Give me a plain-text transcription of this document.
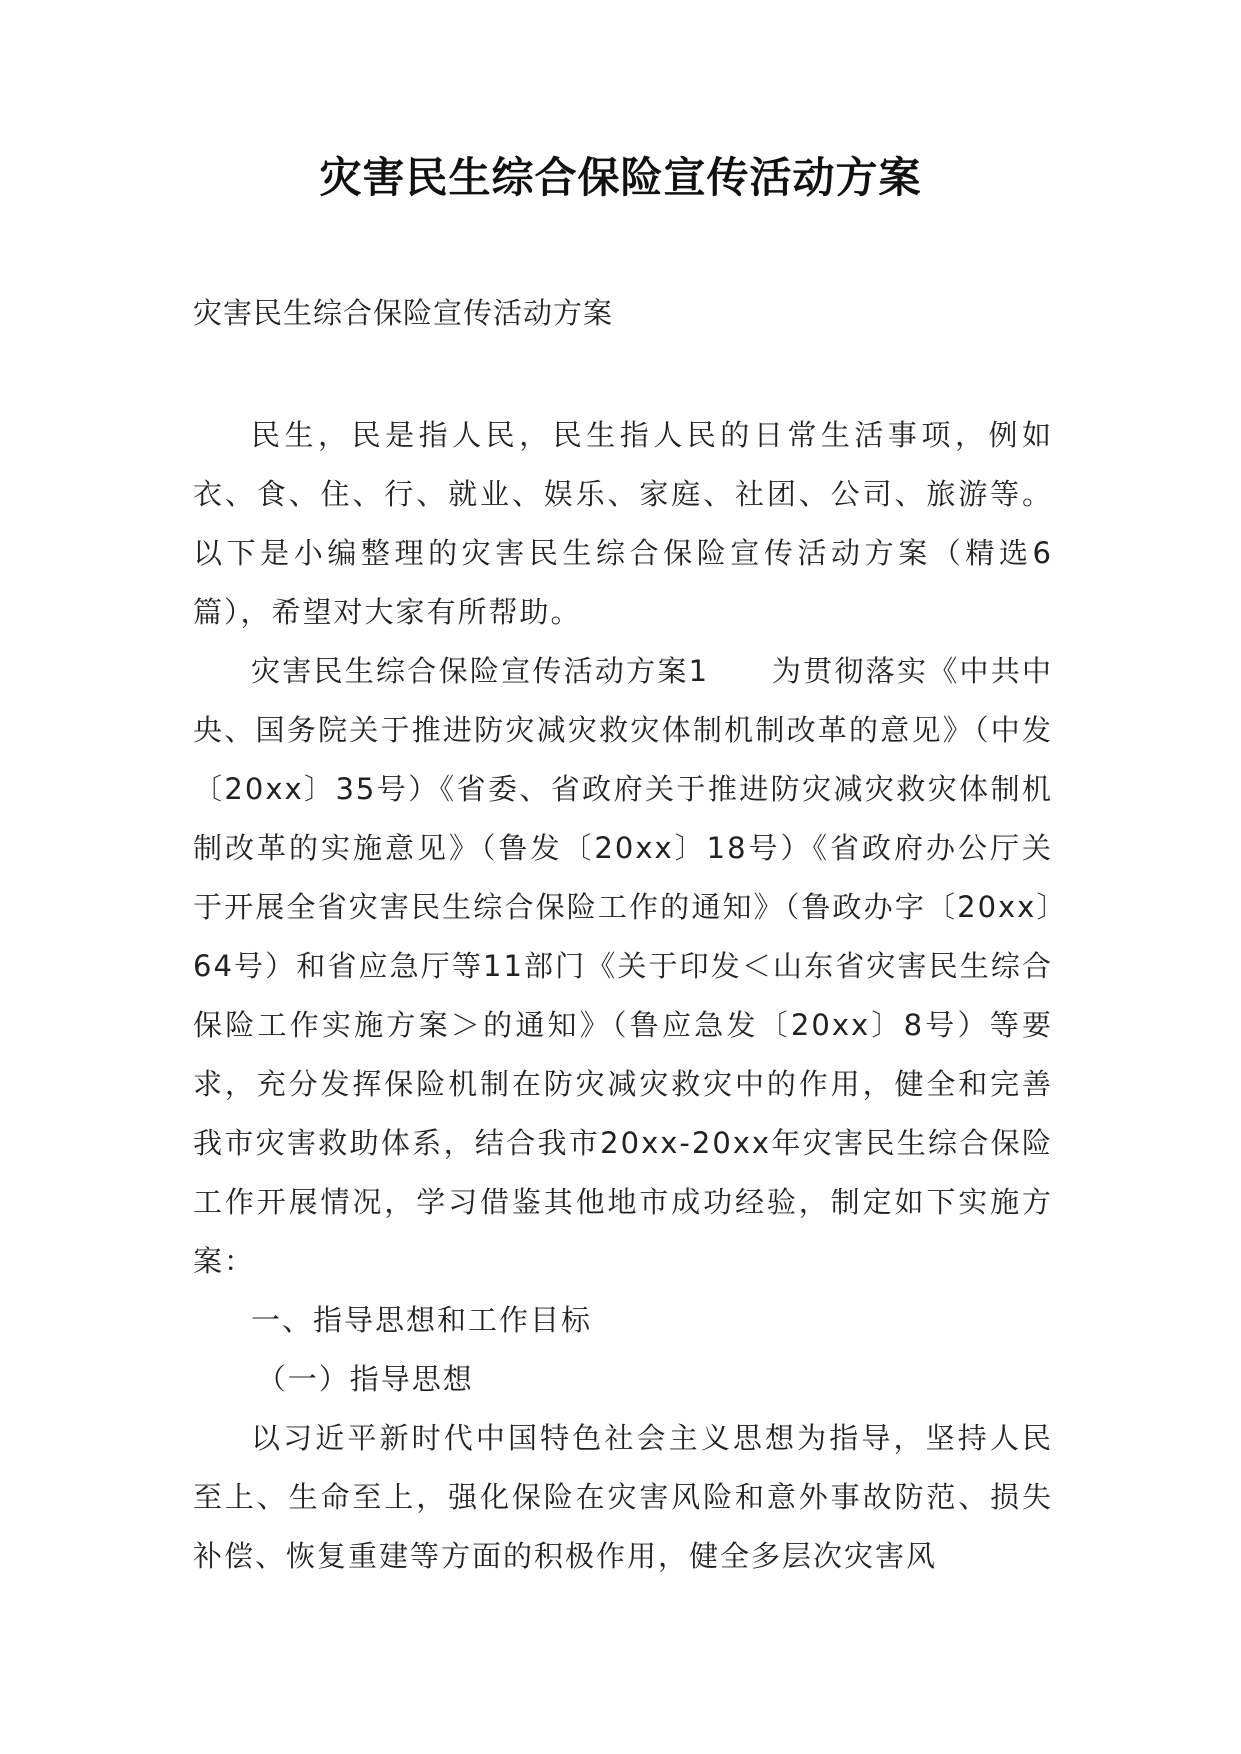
灾害民生综合保险宣传活动方案

灾害民生综合保险宣传活动方案

民生，民是指人民，民生指人民的日常生活事项，例如衣、食、住、行、就业、娱乐、家庭、社团、公司、旅游等。以下是小编整理的灾害民生综合保险宣传活动方案（精选6篇），希望对大家有所帮助。

灾害民生综合保险宣传活动方案1　　为贯彻落实《中共中央、国务院关于推进防灾减灾救灾体制机制改革的意见》（中发〔20xx〕35号）《省委、省政府关于推进防灾减灾救灾体制机制改革的实施意见》（鲁发〔20xx〕18号）《省政府办公厅关于开展全省灾害民生综合保险工作的通知》（鲁政办字〔20xx〕64号）和省应急厅等11部门《关于印发＜山东省灾害民生综合保险工作实施方案＞的通知》（鲁应急发〔20xx〕8号）等要求，充分发挥保险机制在防灾减灾救灾中的作用，健全和完善我市灾害救助体系，结合我市20xx-20xx年灾害民生综合保险工作开展情况，学习借鉴其他地市成功经验，制定如下实施方案：

一、指导思想和工作目标

（一）指导思想

以习近平新时代中国特色社会主义思想为指导，坚持人民至上、生命至上，强化保险在灾害风险和意外事故防范、损失补偿、恢复重建等方面的积极作用，健全多层次灾害风
